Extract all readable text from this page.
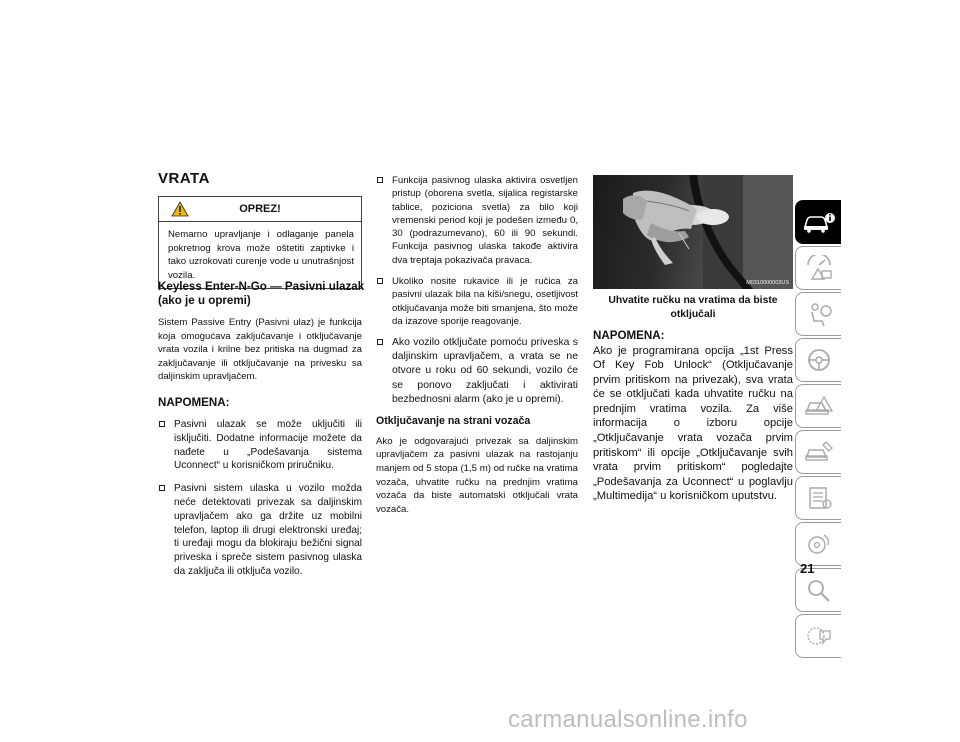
VRATA
OPREZ!
Nemarno upravljanje i odlaganje panela pokretnog krova može oštetiti zaptivke i tako uzrokovati curenje vode u unutrašnjost vozila.
Keyless Enter-N-Go — Pasivni ulazak (ako je u opremi)

Sistem Passive Entry (Pasivni ulaz) je funkcija koja omogućava zaključavanje i otključavanje vrata vozila i krilne bez pritiska na dugmad za zaključavanje ili otključavanje na privesku sa daljinskim upravljačem.

NAPOMENA:
Pasivni ulazak se može uključiti ili isključiti. Dodatne informacije možete da nađete u „Podešavanja sistema Uconnect“ u korisničkom priručniku.
Pasivni sistem ulaska u vozilo možda neće detektovati privezak sa daljinskim upravljačem ako ga držite uz mobilni telefon, laptop ili drugi elektronski uređaj; ti uređaji mogu da blokiraju bežični signal priveska i spreče sistem pasivnog ulaska da zaključa ili otključa vozilo.
Funkcija pasivnog ulaska aktivira osvetljen pristup (oborena svetla, sijalica registarske tablice, poziciona svetla) za bilo koji vremenski period koji je podešen između 0, 30 (podrazumevano), 60 ili 90 sekundi. Funkcija pasivnog ulaska takođe aktivira dva treptaja pokazivača pravaca.
Ukoliko nosite rukavice ili je ručica za pasivni ulazak bila na kiši/snegu, osetljivost otključavanja može biti smanjena, što može da izazove sporije reagovanje.
Ako vozilo otključate pomoću priveska s daljinskim upravljačem, a vrata se ne otvore u roku od 60 sekundi, vozilo će se ponovo zaključati i aktivirati bezbednosni alarm (ako je u opremi).
Otključavanje na strani vozača

Ako je odgovarajući privezak sa daljinskim upravljačem za pasivni ulazak na rastojanju manjem od 5 stopa (1,5 m) od ručke na vratima vozača, uhvatite ručku na prednjim vratima vozača da biste automatski otključali vrata vozača.

M0310000003US
Uhvatite ručku na vratima da biste otključali
NAPOMENA:

Ako je programirana opcija „1st Press Of Key Fob Unlock“ (Otključavanje prvim pritiskom na privezak), sva vrata će se otključati kada uhvatite ručku na prednjim vratima vozila. Za više informacija o izboru opcije „Otključavanje vrata vozača prvim pritiskom“ ili opcije „Otključavanje svih vrata prvim pritiskom“ pogledajte „Podešavanja za Uconnect“ u poglavlju „Multimedija“ u korisničkom uputstvu.

21
carmanualsonline.info
